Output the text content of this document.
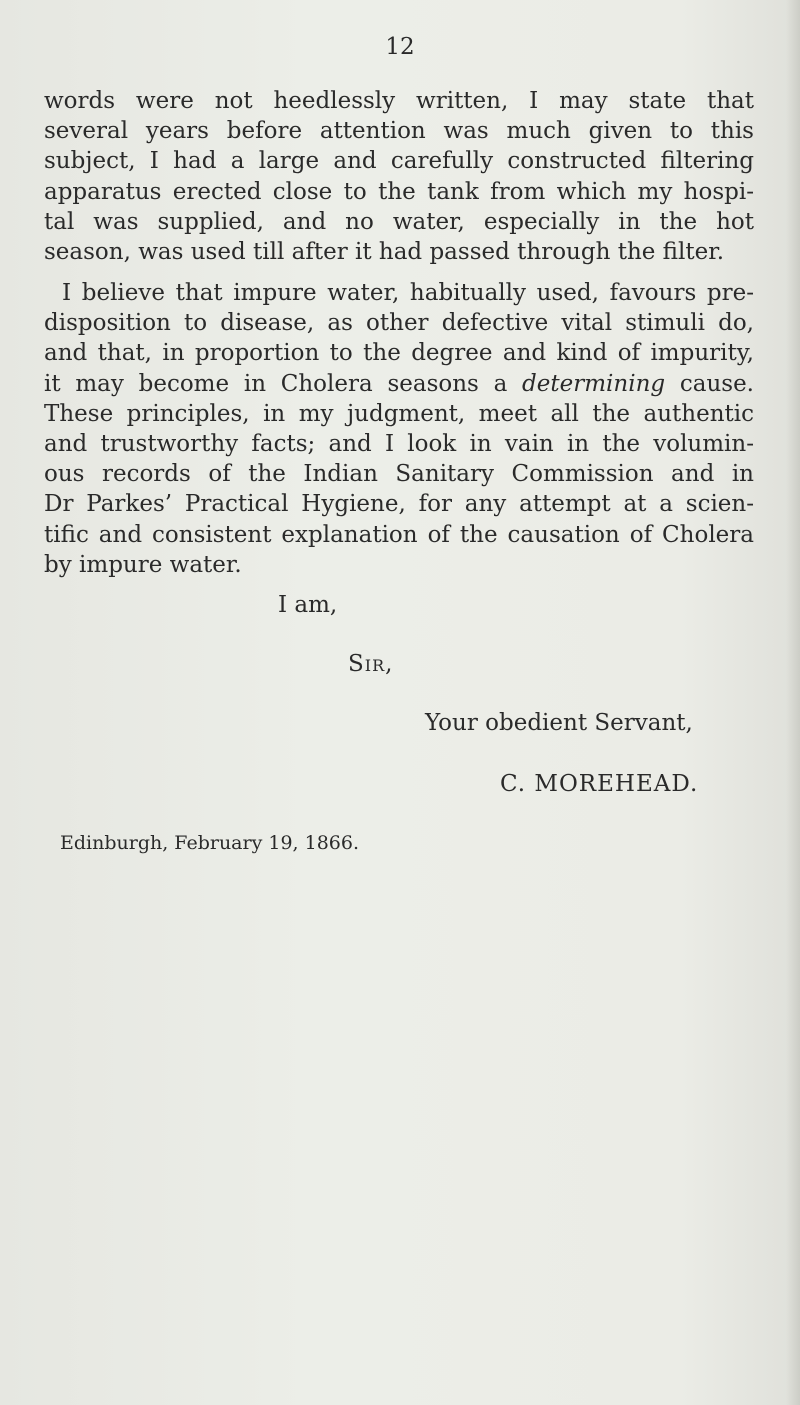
12

words were not heedlessly written, I may state that
several years before attention was much given to this
subject, I had a large and carefully constructed filtering
apparatus erected close to the tank from which my hospi-
tal was supplied, and no water, especially in the hot
season, was used till after it had passed through the filter.

I believe that impure water, habitually used, favours pre-
disposition to disease, as other defective vital stimuli do,
and that, in proportion to the degree and kind of impurity,
it may become in Cholera seasons a determining cause.
These principles, in my judgment, meet all the authentic
and trustworthy facts; and I look in vain in the volumin-
ous records of the Indian Sanitary Commission and in
Dr Parkes’ Practical Hygiene, for any attempt at a scien-
tific and consistent explanation of the causation of Cholera
by impure water.

I am,
Sir,
Your obedient Servant,
C. MOREHEAD.
Edinburgh, February 19, 1866.
